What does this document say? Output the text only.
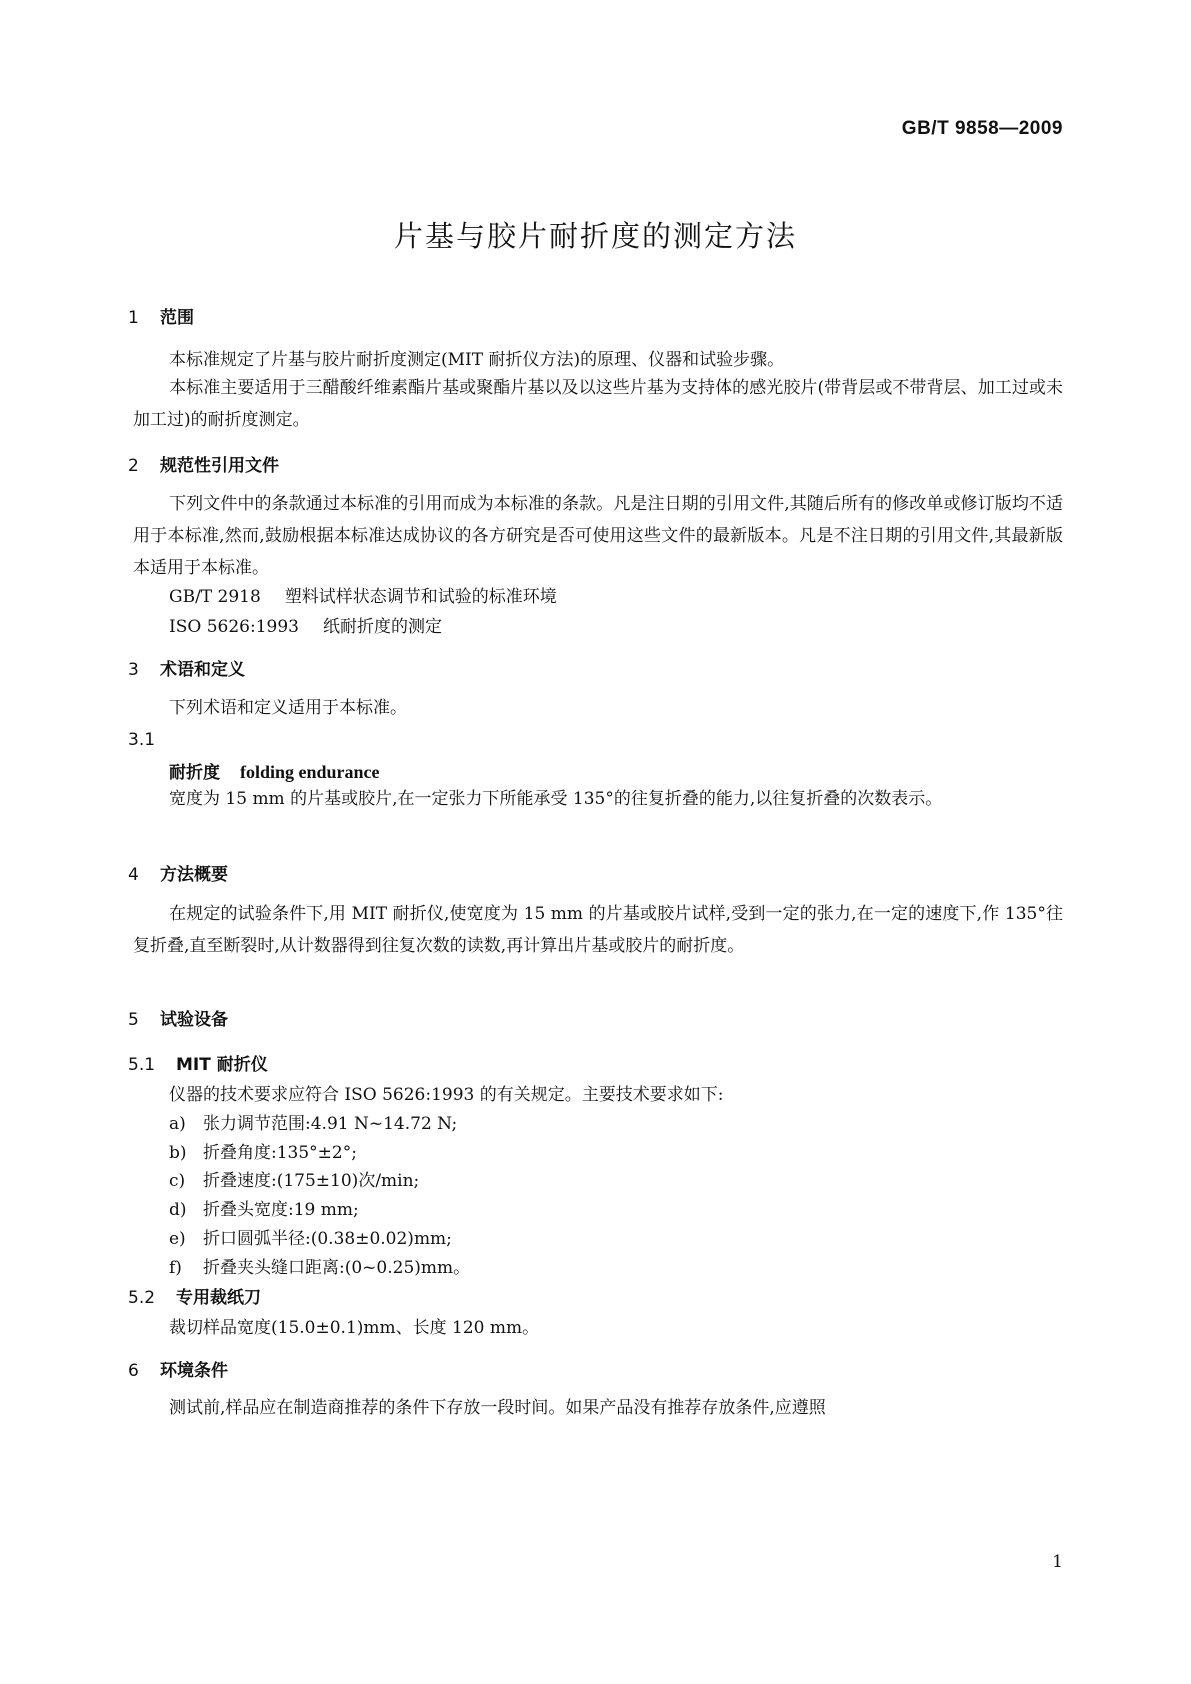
GB/T 9858—2009
片基与胶片耐折度的测定方法
1 范围
本标准规定了片基与胶片耐折度测定(MIT 耐折仪方法)的原理、仪器和试验步骤。
本标准主要适用于三醋酸纤维素酯片基或聚酯片基以及以这些片基为支持体的感光胶片(带背层或不带背层、加工过或未加工过)的耐折度测定。
2 规范性引用文件
下列文件中的条款通过本标准的引用而成为本标准的条款。凡是注日期的引用文件,其随后所有的修改单或修订版均不适用于本标准,然而,鼓励根据本标准达成协议的各方研究是否可使用这些文件的最新版本。凡是不注日期的引用文件,其最新版本适用于本标准。
GB/T 2918 塑料试样状态调节和试验的标准环境
ISO 5626:1993 纸耐折度的测定
3 术语和定义
下列术语和定义适用于本标准。
3.1
耐折度 folding endurance
宽度为 15 mm 的片基或胶片,在一定张力下所能承受 135°的往复折叠的能力,以往复折叠的次数表示。
4 方法概要
在规定的试验条件下,用 MIT 耐折仪,使宽度为 15 mm 的片基或胶片试样,受到一定的张力,在一定的速度下,作 135°往复折叠,直至断裂时,从计数器得到往复次数的读数,再计算出片基或胶片的耐折度。
5 试验设备
5.1 MIT 耐折仪
仪器的技术要求应符合 ISO 5626:1993 的有关规定。主要技术要求如下:
a) 张力调节范围:4.91 N~14.72 N;
b) 折叠角度:135°±2°;
c) 折叠速度:(175±10)次/min;
d) 折叠头宽度:19 mm;
e) 折口圆弧半径:(0.38±0.02)mm;
f) 折叠夹头缝口距离:(0~0.25)mm。
5.2 专用裁纸刀
裁切样品宽度(15.0±0.1)mm、长度 120 mm。
6 环境条件
测试前,样品应在制造商推荐的条件下存放一段时间。如果产品没有推荐存放条件,应遵照
1
